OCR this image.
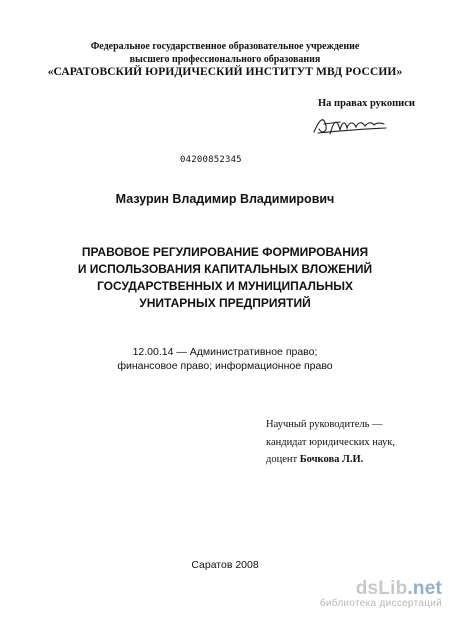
Федеральное государственное образовательное учреждение
высшего профессионального образования
«САРАТОВСКИЙ ЮРИДИЧЕСКИЙ ИНСТИТУТ МВД РОССИИ»
На правах рукописи
04200852345
Мазурин Владимир Владимирович
ПРАВОВОЕ РЕГУЛИРОВАНИЕ ФОРМИРОВАНИЯ
И ИСПОЛЬЗОВАНИЯ КАПИТАЛЬНЫХ ВЛОЖЕНИЙ
ГОСУДАРСТВЕННЫХ И МУНИЦИПАЛЬНЫХ
УНИТАРНЫХ ПРЕДПРИЯТИЙ
12.00.14 — Административное право;
финансовое право; информационное право
Научный руководитель —
кандидат юридических наук,
доцент Бочкова Л.И.
Саратов 2008
dsLib.net
библиотека диссертаций
